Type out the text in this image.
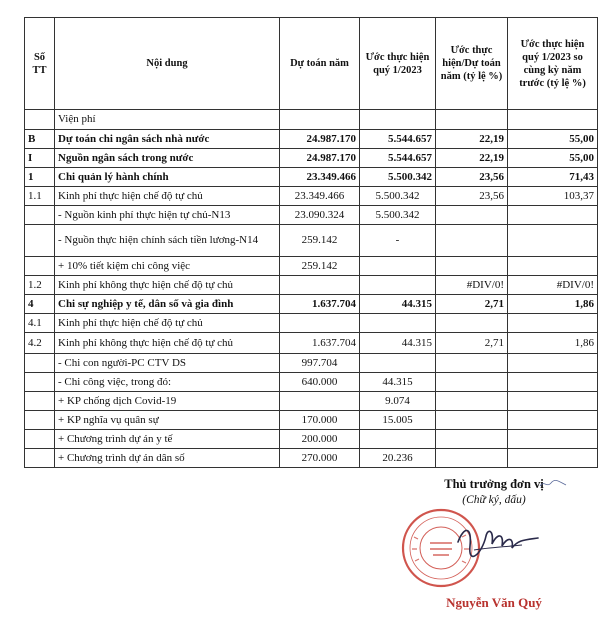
Số TT	Nội dung	Dự toán năm	Ước thực hiện quý 1/2023	Ước thực hiện/Dự toán năm (tỷ lệ %)	Ước thực hiện quý 1/2023 so cùng kỳ năm trước (tỷ lệ %)
	Viện phí				
B	Dự toán chi ngân sách nhà nước	24.987.170	5.544.657	22,19	55,00
I	Nguồn ngân sách trong nước	24.987.170	5.544.657	22,19	55,00
1	Chi quản lý hành chính	23.349.466	5.500.342	23,56	71,43
1.1	Kinh phí thực hiện chế độ tự chủ	23.349.466	5.500.342	23,56	103,37
	- Nguồn kinh phí thực hiện tự chủ-N13	23.090.324	5.500.342		
	- Nguồn thực hiện chính sách tiền lương-N14	259.142	-		
	+ 10% tiết kiệm chi công việc	259.142			
1.2	Kinh phí không thực hiện chế độ tự chủ			#DIV/0!	#DIV/0!
4	Chi sự nghiệp y tế, dân số và gia đình	1.637.704	44.315	2,71	1,86
4.1	Kinh phí thực hiện chế độ tự chủ				
4.2	Kinh phí không thực hiện chế độ tự chủ	1.637.704	44.315	2,71	1,86
	- Chi con người-PC CTV DS	997.704			
	- Chi công việc, trong đó:	640.000	44.315		
	+ KP chống dịch Covid-19		9.074		
	+ KP nghĩa vụ quân sự	170.000	15.005		
	+ Chương trình dự án y tế	200.000			
	+ Chương trình dự án dân số	270.000	20.236		
Thủ trưởng đơn vị
(Chữ ký, dấu)
Nguyễn Văn Quý
